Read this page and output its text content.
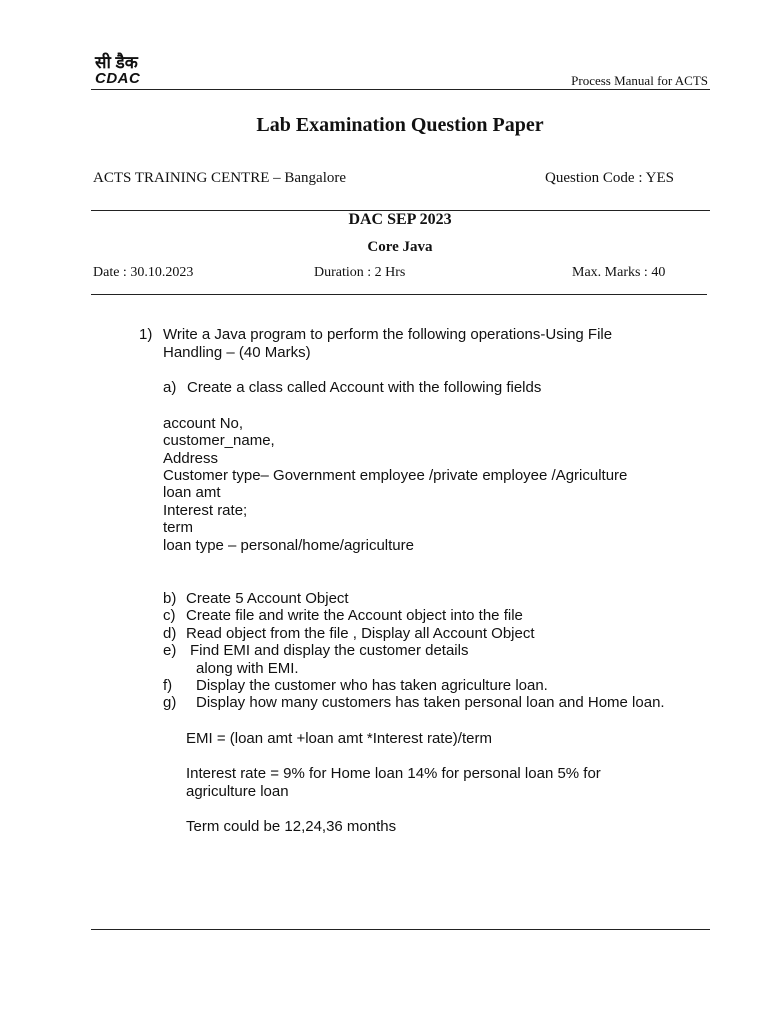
सी डैक
CDAC	Process Manual for ACTS
Lab Examination Question Paper
ACTS TRAINING CENTRE – Bangalore	Question Code : YES
DAC SEP 2023
Core Java
Date : 30.10.2023	Duration : 2 Hrs	Max. Marks : 40
1) Write a Java program to perform the following operations-Using File
Handling – (40 Marks)
a) Create a class called Account with the following fields
account No,
customer_name,
Address
Customer type– Government employee /private employee /Agriculture
loan amt
Interest rate;
term
loan type – personal/home/agriculture
b) Create 5 Account Object
c) Create file and write the Account object into the file
d) Read object from the file , Display all Account Object
e) Find EMI and display the customer details
along with EMI.
f) Display the customer who has taken agriculture loan.
g) Display how many customers has taken personal loan and Home loan.
EMI = (loan amt +loan amt *Interest rate)/term
Interest rate = 9% for Home loan 14% for personal loan 5% for
agriculture loan
Term could be 12,24,36 months
